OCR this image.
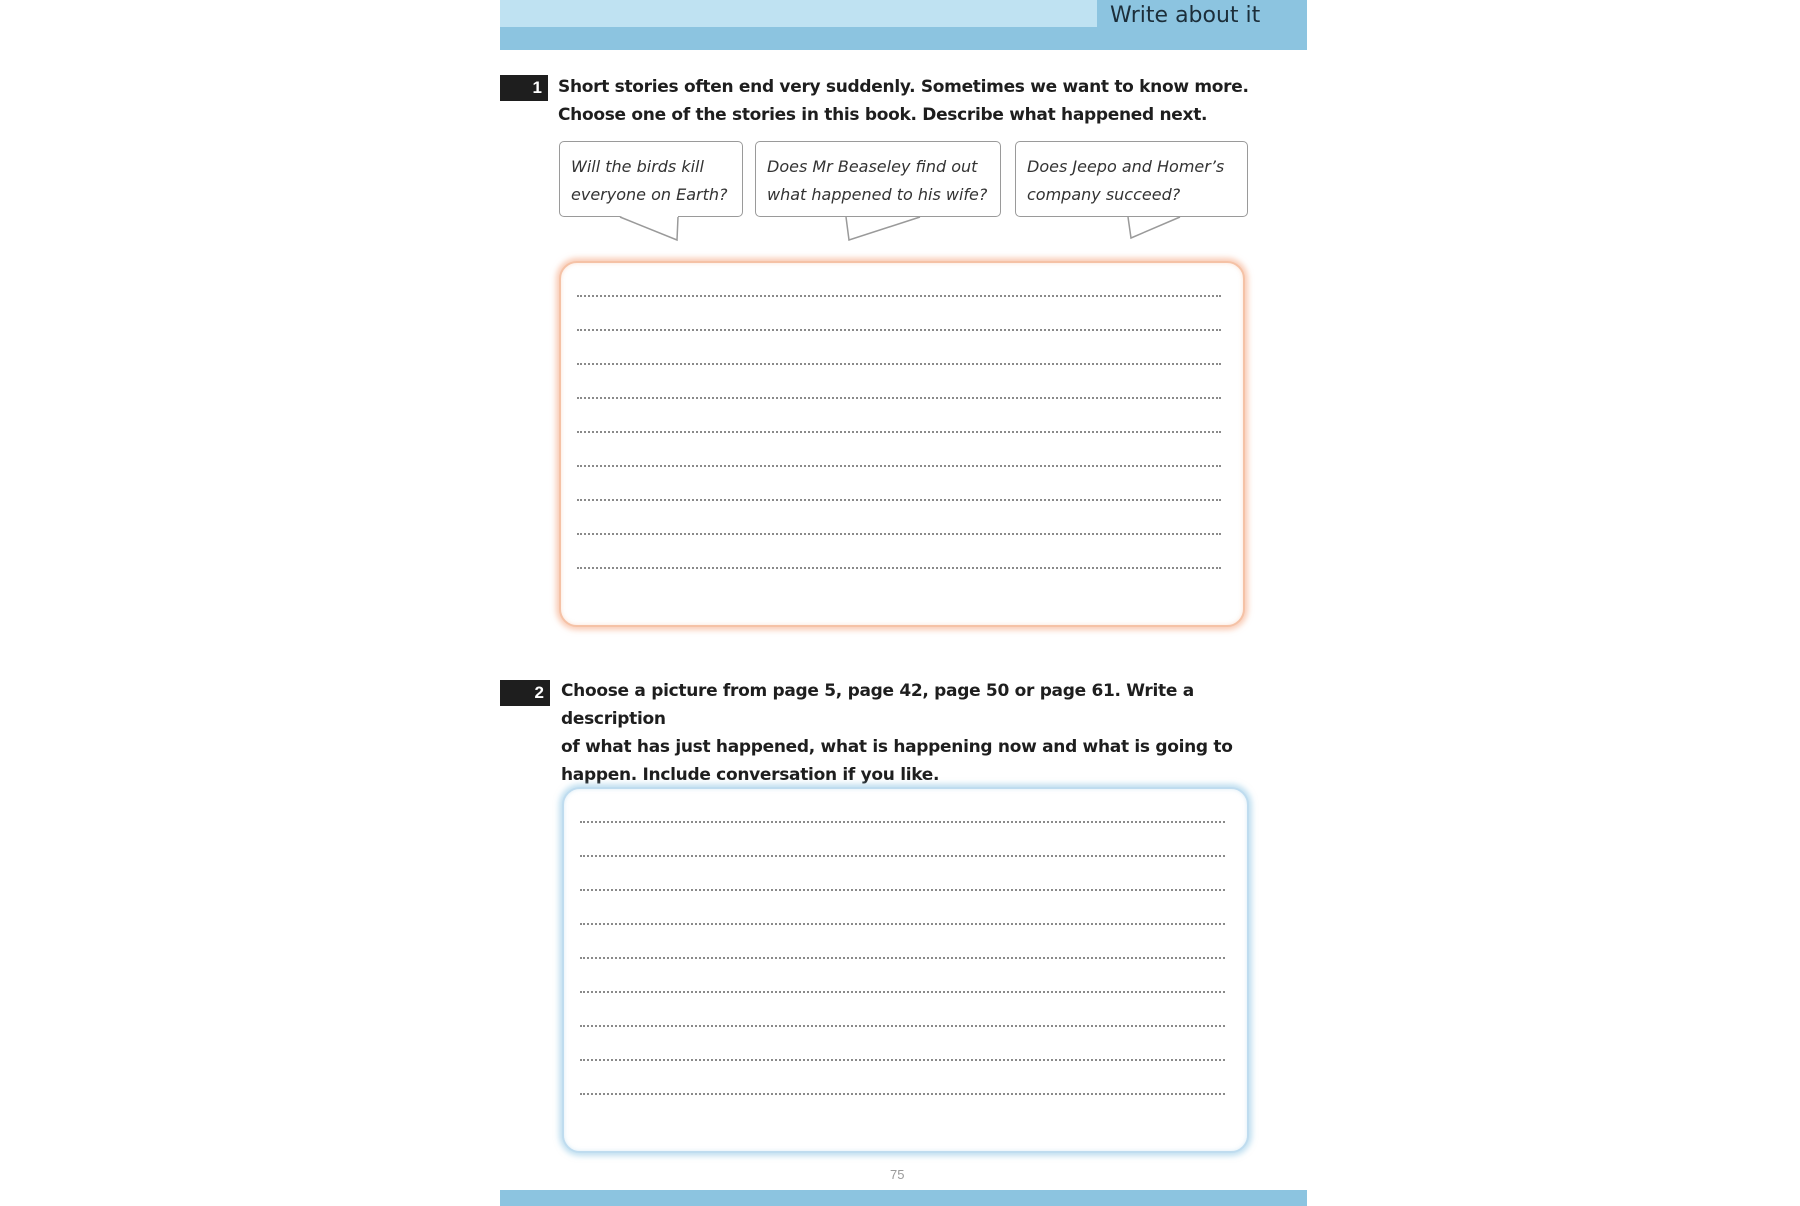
Write about it
1 Short stories often end very suddenly. Sometimes we want to know more.
Choose one of the stories in this book. Describe what happened next.
Will the birds kill
everyone on Earth?
Does Mr Beaseley find out
what happened to his wife?
Does Jeepo and Homer’s
company succeed?
2	Choose a picture from page 5, page 42, page 50 or page 61. Write a description
of what has just happened, what is happening now and what is going to
happen. Include conversation if you like.
75
